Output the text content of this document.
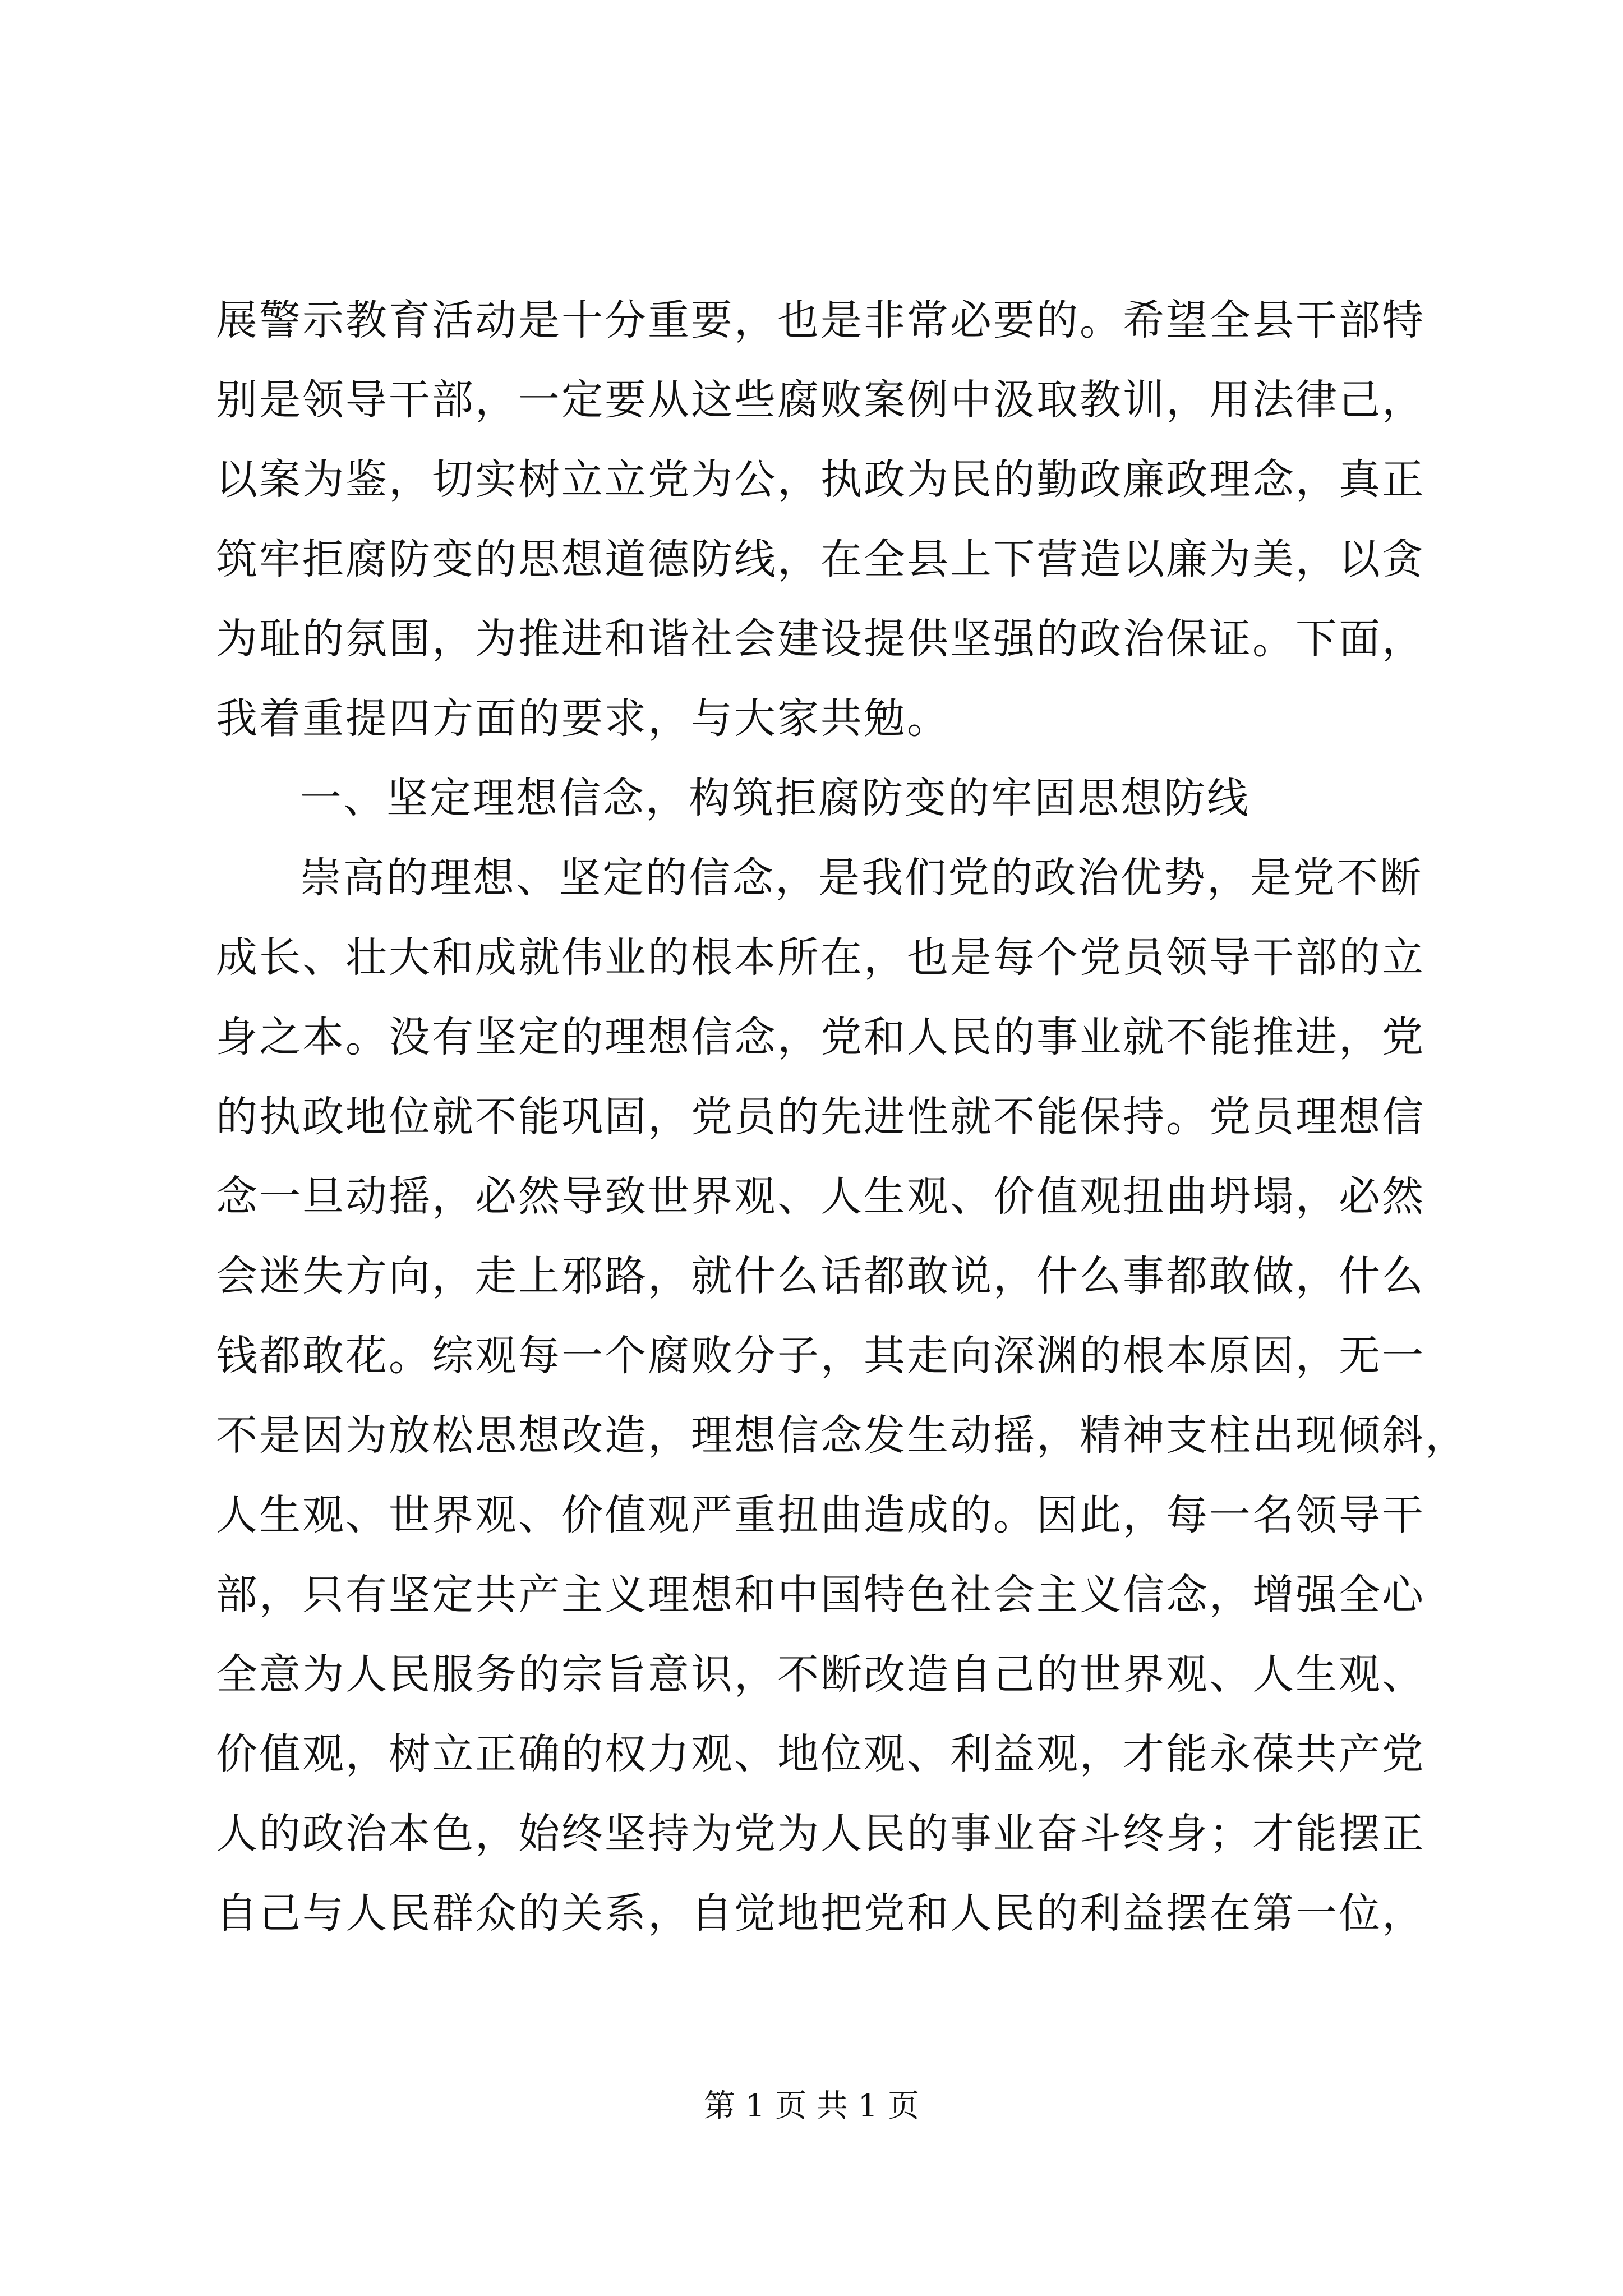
展警示教育活动是十分重要，也是非常必要的。希望全县干部特
别是领导干部，一定要从这些腐败案例中汲取教训，用法律己，
以案为鉴，切实树立立党为公，执政为民的勤政廉政理念，真正
筑牢拒腐防变的思想道德防线，在全县上下营造以廉为美，以贪
为耻的氛围，为推进和谐社会建设提供坚强的政治保证。下面，
我着重提四方面的要求，与大家共勉。
一、坚定理想信念，构筑拒腐防变的牢固思想防线
崇高的理想、坚定的信念，是我们党的政治优势，是党不断
成长、壮大和成就伟业的根本所在，也是每个党员领导干部的立
身之本。没有坚定的理想信念，党和人民的事业就不能推进，党
的执政地位就不能巩固，党员的先进性就不能保持。党员理想信
念一旦动摇，必然导致世界观、人生观、价值观扭曲坍塌，必然
会迷失方向，走上邪路，就什么话都敢说，什么事都敢做，什么
钱都敢花。综观每一个腐败分子，其走向深渊的根本原因，无一
不是因为放松思想改造，理想信念发生动摇，精神支柱出现倾斜，
人生观、世界观、价值观严重扭曲造成的。因此，每一名领导干
部，只有坚定共产主义理想和中国特色社会主义信念，增强全心
全意为人民服务的宗旨意识，不断改造自己的世界观、人生观、
价值观，树立正确的权力观、地位观、利益观，才能永葆共产党
人的政治本色，始终坚持为党为人民的事业奋斗终身；才能摆正
自己与人民群众的关系，自觉地把党和人民的利益摆在第一位，
第 1 页 共 1 页
